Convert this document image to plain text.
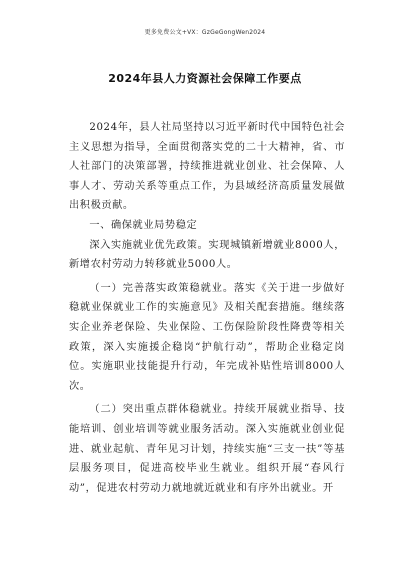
更多免费公文+VX：GzGeGongWen2024
2024年县人力资源社会保障工作要点

2024年，县人社局坚持以习近平新时代中国特色社会主义思想为指导，全面贯彻落实党的二十大精神，省、市人社部门的决策部署，持续推进就业创业、社会保障、人事人才、劳动关系等重点工作，为县域经济高质量发展做出积极贡献。

一、确保就业局势稳定

深入实施就业优先政策。实现城镇新增就业8000人，新增农村劳动力转移就业5000人。

（一）完善落实政策稳就业。落实《关于进一步做好稳就业保就业工作的实施意见》及相关配套措施。继续落实企业养老保险、失业保险、工伤保险阶段性降费等相关政策，深入实施援企稳岗“护航行动”，帮助企业稳定岗位。实施职业技能提升行动，年完成补贴性培训8000人次。

（二）突出重点群体稳就业。持续开展就业指导、技能培训、创业培训等就业服务活动。深入实施就业创业促进、就业起航、青年见习计划，持续实施“三支一扶”等基层服务项目，促进高校毕业生就业。组织开展“春风行动”，促进农村劳动力就地就近就业和有序外出就业。开
